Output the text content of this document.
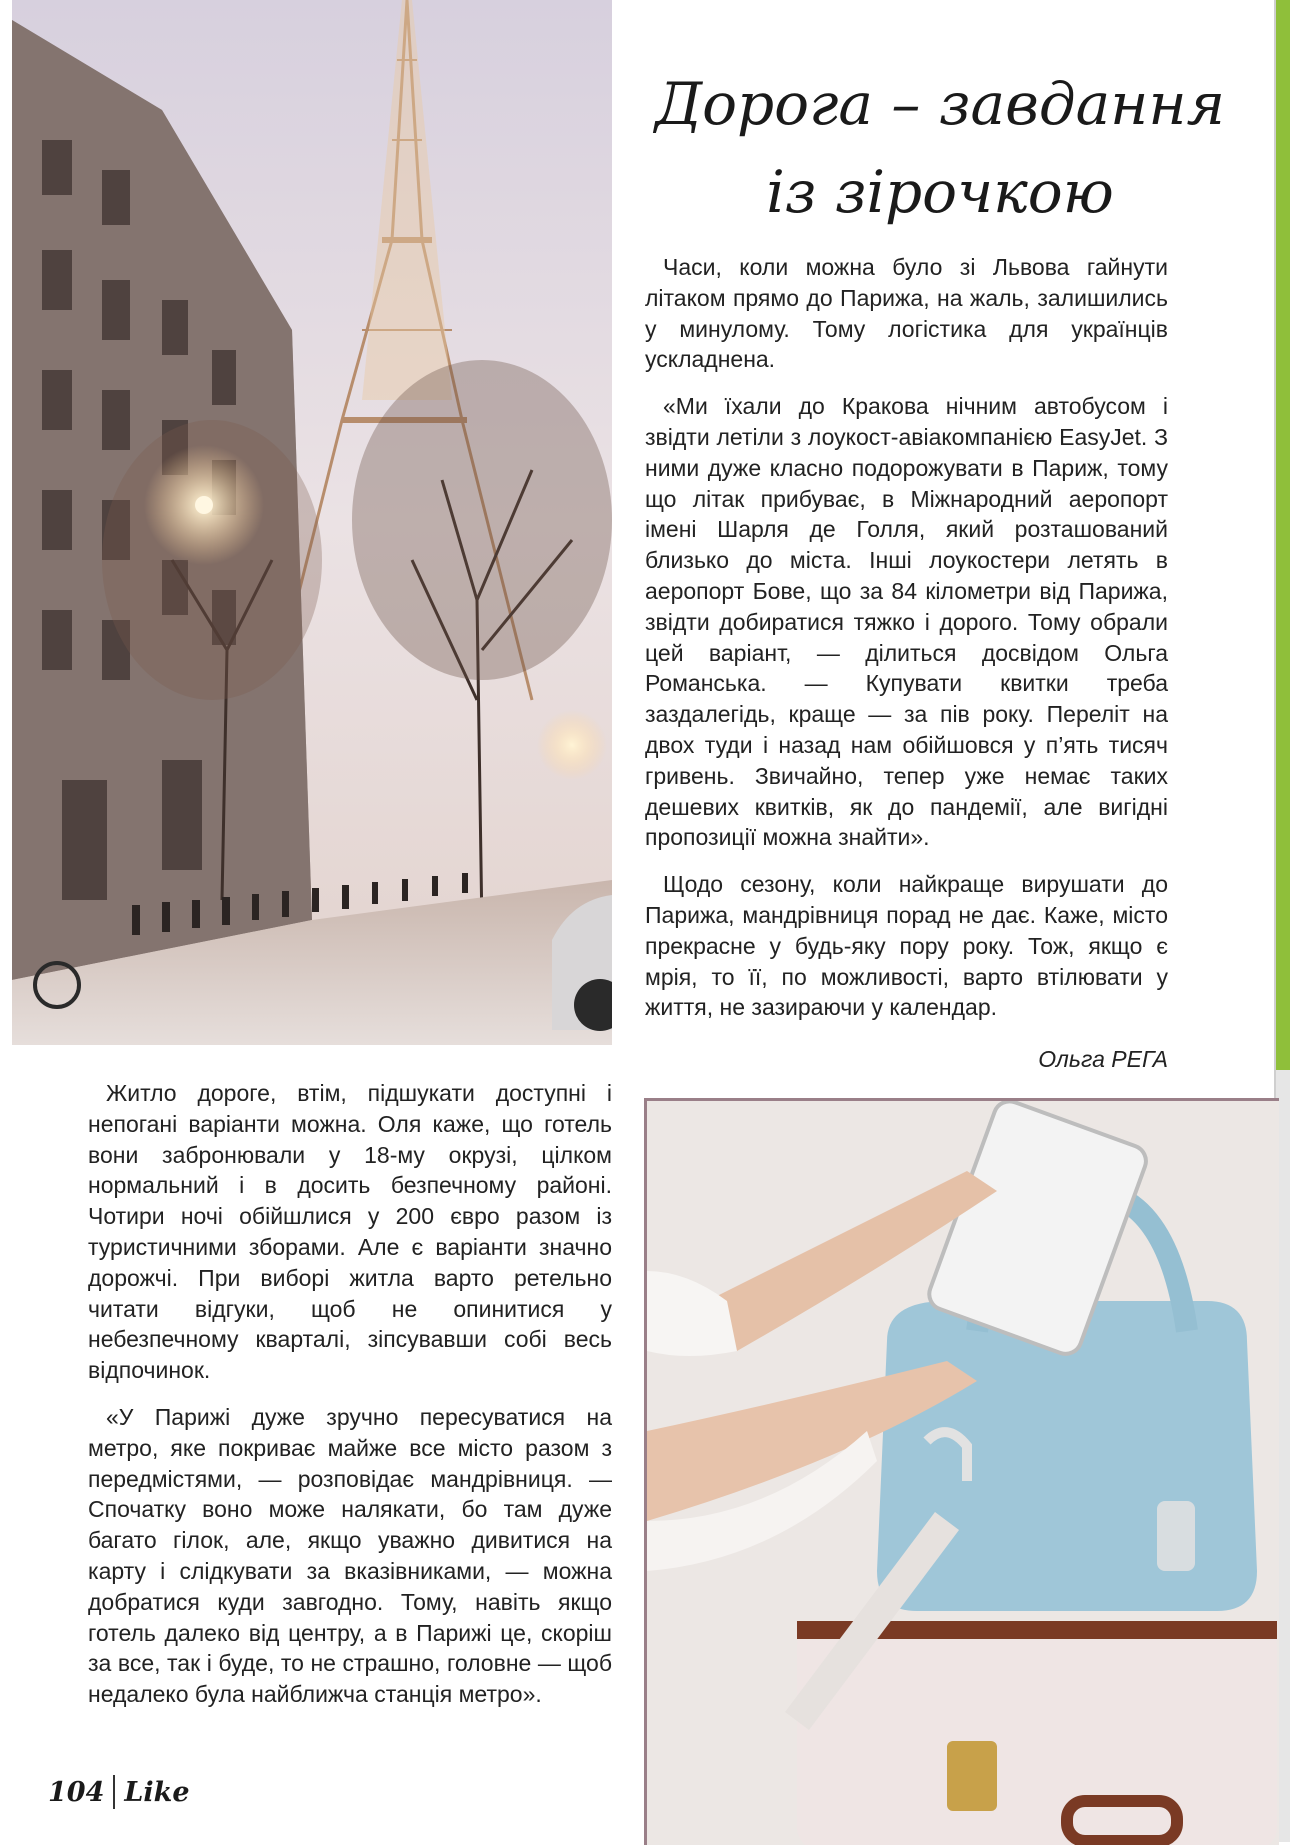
Дорога – завдання
із зірочкою

Часи, коли можна було зі Львова гайнути літаком прямо до Парижа, на жаль, залишились у минулому. Тому логістика для українців ускладнена.

«Ми їхали до Кракова нічним автобусом і звідти летіли з лоукост-авіакомпанією EasyJet. З ними дуже класно подорожувати в Париж, тому що літак прибуває, в Міжнародний аеропорт імені Шарля де Голля, який розташований близько до міста. Інші лоукостери летять в аеропорт Бове, що за 84 кілометри від Парижа, звідти добиратися тяжко і дорого. Тому обрали цей варіант, — ділиться досвідом Ольга Романська. — Купувати квитки треба заздалегідь, краще — за пів року. Переліт на двох туди і назад нам обійшовся у п’ять тисяч гривень. Звичайно, тепер уже немає таких дешевих квитків, як до пандемії, але вигідні пропозиції можна знайти».

Щодо сезону, коли найкраще вирушати до Парижа, мандрівниця порад не дає. Каже, місто прекрасне у будь-яку пору року. Тож, якщо є мрія, то її, по можливості, варто втілювати у життя, не зазираючи у календар.

Ольга РЕГА

Житло дороге, втім, підшукати доступні і непогані варіанти можна. Оля каже, що готель вони забронювали у 18-му окрузі, цілком нормальний і в досить безпечному районі. Чотири ночі обійшлися у 200 євро разом із туристичними зборами. Але є варіанти значно дорожчі. При виборі житла варто ретельно читати відгуки, щоб не опинитися у небезпечному кварталі, зіпсувавши собі весь відпочинок.

«У Парижі дуже зручно пересуватися на метро, яке покриває майже все місто разом з передмістями, — розповідає мандрівниця. — Спочатку воно може налякати, бо там дуже багато гілок, але, якщо уважно дивитися на карту і слідкувати за вказівниками, — можна добратися куди завгодно. Тому, навіть якщо готель далеко від центру, а в Парижі це, скоріш за все, так і буде, то не страшно, головне — щоб недалеко була найближча станція метро».

104 Like
